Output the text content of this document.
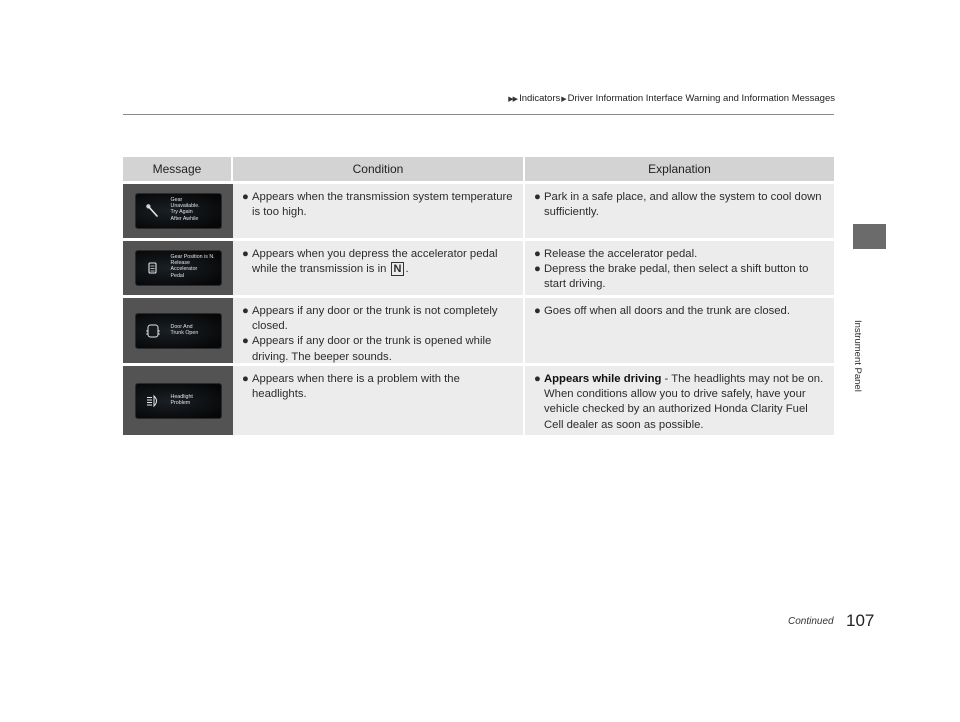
▶▶ Indicators▶ Driver Information Interface Warning and Information Messages
Instrument Panel
Message	Condition	Explanation
Gear
Unavailable.
Try Again
After Awhile
● Appears when the transmission system temperature is too high.
● Park in a safe place, and allow the system to cool down sufficiently.
Gear Position is N.
Release
Accelerator
Pedal
● Appears when you depress the accelerator pedal while the transmission is in N .
● Release the accelerator pedal.
● Depress the brake pedal, then select a shift button to start driving.
Door And
Trunk Open
● Appears if any door or the trunk is not completely closed.
● Appears if any door or the trunk is opened while driving. The beeper sounds.
● Goes off when all doors and the trunk are closed.
Headlight
Problem
● Appears when there is a problem with the headlights.
● Appears while driving - The headlights may not be on. When conditions allow you to drive safely, have your vehicle checked by an authorized Honda Clarity Fuel Cell dealer as soon as possible.
Continued 107
